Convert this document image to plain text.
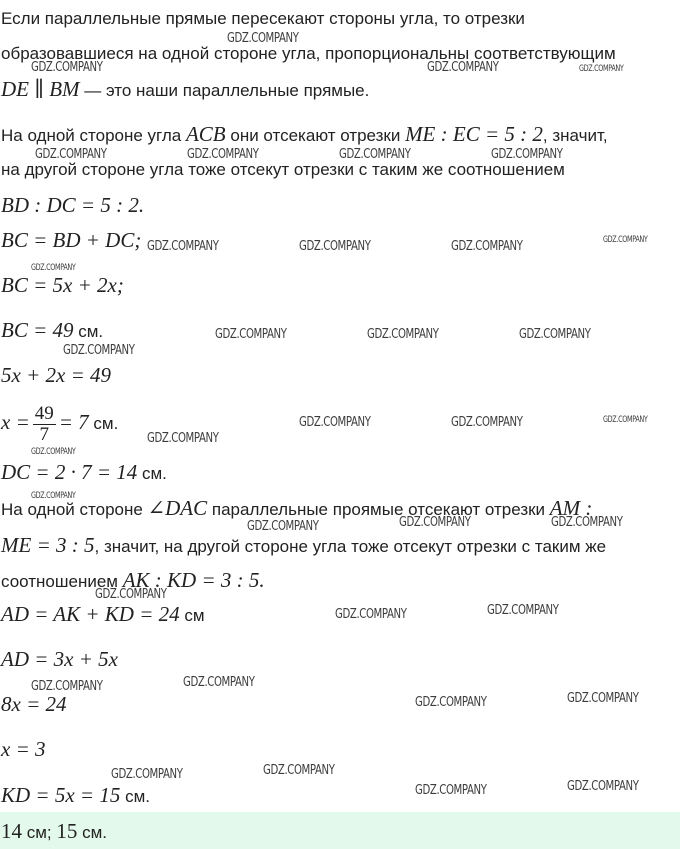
Если параллельные прямые пересекают стороны угла, то отрезки
образовавшиеся на одной стороне угла, пропорциональны соответствующим
DE ∥ BM — это наши параллельные прямые.
На одной стороне угла ACB они отсекают отрезки ME : EC = 5 : 2, значит,
на другой стороне угла тоже отсекут отрезки с таким же соотношением
BD : DC = 5 : 2.
BC = BD + DC;
BC = 5x + 2x;
BC = 49 см.
5x + 2x = 49
$x = \frac{49}{7} = 7$ см.
DC = 2 · 7 = 14 см.
На одной стороне ∠DAC параллельные проямые отсекают отрезки AM :
ME = 3 : 5, значит, на другой стороне угла тоже отсекут отрезки с таким же
соотношением AK : KD = 3 : 5.
AD = AK + KD = 24 см
AD = 3x + 5x
8x = 24
x = 3
KD = 5x = 15 см.
14 см; 15 см.
GDZ.COMPANY
GDZ.COMPANY	GDZ.COMPANY	GDZ.COMPANY
GDZ.COMPANY	GDZ.COMPANY	GDZ.COMPANY	GDZ.COMPANY
GDZ.COMPANY	GDZ.COMPANY	GDZ.COMPANY	GDZ.COMPANY
GDZ.COMPANY
GDZ.COMPANY	GDZ.COMPANY	GDZ.COMPANY
GDZ.COMPANY
GDZ.COMPANY	GDZ.COMPANY	GDZ.COMPANY
GDZ.COMPANY
GDZ.COMPANY
GDZ.COMPANY
GDZ.COMPANY	GDZ.COMPANY
GDZ.COMPANY
GDZ.COMPANY
GDZ.COMPANY
GDZ.COMPANY
GDZ.COMPANY
GDZ.COMPANY
GDZ.COMPANY
GDZ.COMPANY
GDZ.COMPANY
GDZ.COMPANY
GDZ.COMPANY
GDZ.COMPANY
